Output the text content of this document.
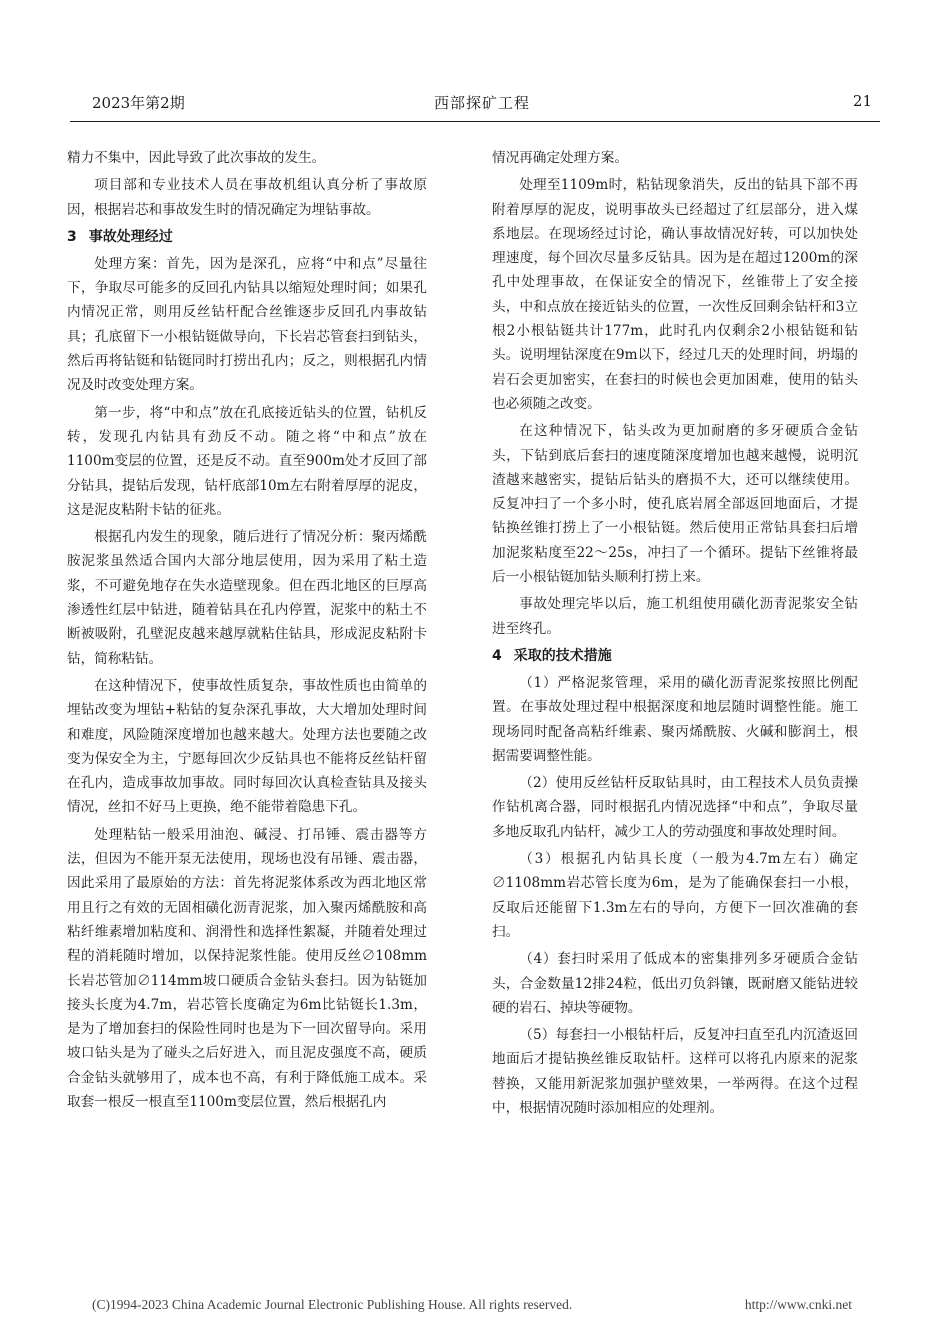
2023年第2期	西部探矿工程	21

精力不集中，因此导致了此次事故的发生。

项目部和专业技术人员在事故机组认真分析了事故原因，根据岩芯和事故发生时的情况确定为埋钻事故。

3 事故处理经过

处理方案：首先，因为是深孔，应将“中和点”尽量往下，争取尽可能多的反回孔内钻具以缩短处理时间；如果孔内情况正常，则用反丝钻杆配合丝锥逐步反回孔内事故钻具；孔底留下一小根钻铤做导向，下长岩芯管套扫到钻头，然后再将钻铤和钻铤同时打捞出孔内；反之，则根据孔内情况及时改变处理方案。

第一步，将“中和点”放在孔底接近钻头的位置，钻机反转，发现孔内钻具有劲反不动。随之将“中和点”放在1100m变层的位置，还是反不动。直至900m处才反回了部分钻具，提钻后发现，钻杆底部10m左右附着厚厚的泥皮，这是泥皮粘附卡钻的征兆。

根据孔内发生的现象，随后进行了情况分析：聚丙烯酰胺泥浆虽然适合国内大部分地层使用，因为采用了粘土造浆，不可避免地存在失水造壁现象。但在西北地区的巨厚高渗透性红层中钻进，随着钻具在孔内停置，泥浆中的粘土不断被吸附，孔壁泥皮越来越厚就粘住钻具，形成泥皮粘附卡钻，简称粘钻。

在这种情况下，使事故性质复杂，事故性质也由简单的埋钻改变为埋钻+粘钻的复杂深孔事故，大大增加处理时间和难度，风险随深度增加也越来越大。处理方法也要随之改变为保安全为主，宁愿每回次少反钻具也不能将反丝钻杆留在孔内，造成事故加事故。同时每回次认真检查钻具及接头情况，丝扣不好马上更换，绝不能带着隐患下孔。

处理粘钻一般采用油泡、碱浸、打吊锤、震击器等方法，但因为不能开泵无法使用，现场也没有吊锤、震击器，因此采用了最原始的方法：首先将泥浆体系改为西北地区常用且行之有效的无固相磺化沥青泥浆，加入聚丙烯酰胺和高粘纤维素增加粘度和、润滑性和选择性絮凝，并随着处理过程的消耗随时增加，以保持泥浆性能。使用反丝∅108mm长岩芯管加∅114mm坡口硬质合金钻头套扫。因为钻铤加接头长度为4.7m，岩芯管长度确定为6m比钻铤长1.3m，是为了增加套扫的保险性同时也是为下一回次留导向。采用坡口钻头是为了碰头之后好进入，而且泥皮强度不高，硬质合金钻头就够用了，成本也不高，有利于降低施工成本。采取套一根反一根直至1100m变层位置，然后根据孔内

情况再确定处理方案。

处理至1109m时，粘钻现象消失，反出的钻具下部不再附着厚厚的泥皮，说明事故头已经超过了红层部分，进入煤系地层。在现场经过讨论，确认事故情况好转，可以加快处理速度，每个回次尽量多反钻具。因为是在超过1200m的深孔中处理事故，在保证安全的情况下，丝锥带上了安全接头，中和点放在接近钻头的位置，一次性反回剩余钻杆和3立根2小根钻铤共计177m，此时孔内仅剩余2小根钻铤和钻头。说明埋钻深度在9m以下，经过几天的处理时间，坍塌的岩石会更加密实，在套扫的时候也会更加困难，使用的钻头也必须随之改变。

在这种情况下，钻头改为更加耐磨的多牙硬质合金钻头，下钻到底后套扫的速度随深度增加也越来越慢，说明沉渣越来越密实，提钻后钻头的磨损不大，还可以继续使用。反复冲扫了一个多小时，使孔底岩屑全部返回地面后，才提钻换丝锥打捞上了一小根钻铤。然后使用正常钻具套扫后增加泥浆粘度至22～25s，冲扫了一个循环。提钻下丝锥将最后一小根钻铤加钻头顺利打捞上来。

事故处理完毕以后，施工机组使用磺化沥青泥浆安全钻进至终孔。

4 采取的技术措施

（1）严格泥浆管理，采用的磺化沥青泥浆按照比例配置。在事故处理过程中根据深度和地层随时调整性能。施工现场同时配备高粘纤维素、聚丙烯酰胺、火碱和膨润土，根据需要调整性能。

（2）使用反丝钻杆反取钻具时，由工程技术人员负责操作钻机离合器，同时根据孔内情况选择“中和点”，争取尽量多地反取孔内钻杆，减少工人的劳动强度和事故处理时间。

（3）根据孔内钻具长度（一般为4.7m左右）确定∅1108mm岩芯管长度为6m，是为了能确保套扫一小根，反取后还能留下1.3m左右的导向，方便下一回次准确的套扫。

（4）套扫时采用了低成本的密集排列多牙硬质合金钻头，合金数量12排24粒，低出刃负斜镶，既耐磨又能钻进较硬的岩石、掉块等硬物。

（5）每套扫一小根钻杆后，反复冲扫直至孔内沉渣返回地面后才提钻换丝锥反取钻杆。这样可以将孔内原来的泥浆替换，又能用新泥浆加强护壁效果，一举两得。在这个过程中，根据情况随时添加相应的处理剂。

(C)1994-2023 China Academic Journal Electronic Publishing House. All rights reserved.	http://www.cnki.net
